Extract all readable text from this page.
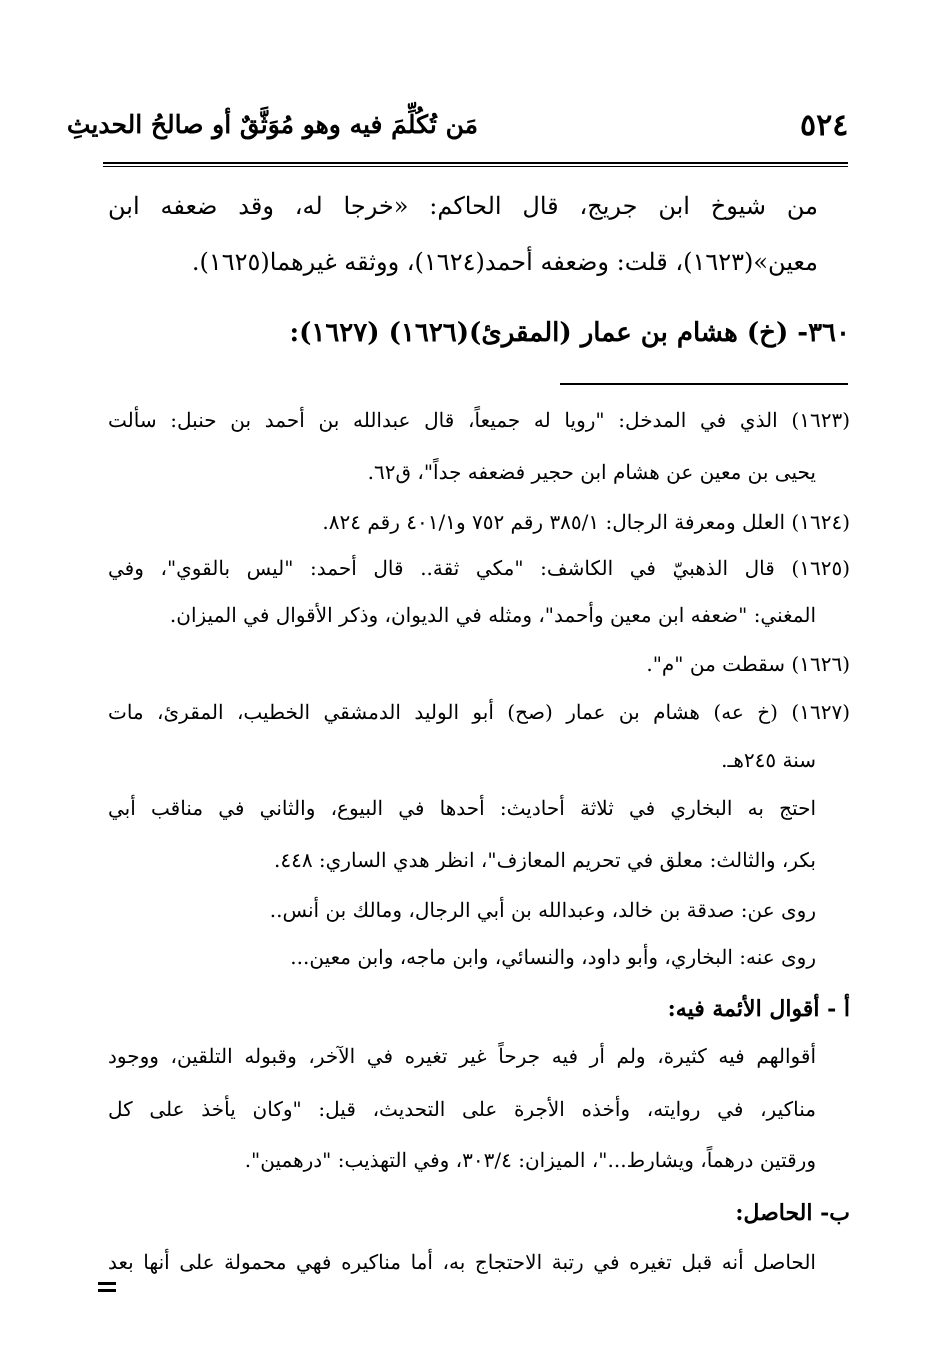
٥٢٤
مَن تُكُلِّمَ فيه وهو مُوَثَّقٌ أو صالحُ الحديثِ
من شيوخ ابن جريج، قال الحاكم: «خرجا له، وقد ضعفه ابن
معين»(١٦٢٣)، قلت: وضعفه أحمد(١٦٢٤)، ووثقه غيرهما(١٦٢٥).
٣٦٠- (خ) هشام بن عمار (المقرئ)(١٦٢٦) (١٦٢٧):
(١٦٢٣) الذي في المدخل: "رويا له جميعاً، قال عبدالله بن أحمد بن حنبل: سألت
يحيى بن معين عن هشام ابن حجير فضعفه جداً"، ق٦٢.
(١٦٢٤) العلل ومعرفة الرجال: ٣٨٥/١ رقم ٧٥٢ و٤٠١/١ رقم ٨٢٤.
(١٦٢٥) قال الذهبيّ في الكاشف: "مكي ثقة.. قال أحمد: "ليس بالقوي"، وفي
المغني: "ضعفه ابن معين وأحمد"، ومثله في الديوان، وذكر الأقوال في الميزان.
(١٦٢٦) سقطت من "م".
(١٦٢٧) (خ عه) هشام بن عمار (صح) أبو الوليد الدمشقي الخطيب، المقرئ، مات
سنة ٢٤٥هـ.
احتج به البخاري في ثلاثة أحاديث: أحدها في البيوع، والثاني في مناقب أبي
بكر، والثالث: معلق في تحريم المعازف"، انظر هدي الساري: ٤٤٨.
روى عن: صدقة بن خالد، وعبدالله بن أبي الرجال، ومالك بن أنس..
روى عنه: البخاري، وأبو داود، والنسائي، وابن ماجه، وابن معين...
أ - أقوال الأئمة فيه:
أقوالهم فيه كثيرة، ولم أر فيه جرحاً غير تغيره في الآخر، وقبوله التلقين، ووجود
مناكير، في روايته، وأخذه الأجرة على التحديث، قيل: "وكان يأخذ على كل
ورقتين درهماً، ويشارط..."، الميزان: ٣٠٣/٤، وفي التهذيب: "درهمين".
ب- الحاصل:
الحاصل أنه قبل تغيره في رتبة الاحتجاج به، أما مناكيره فهي محمولة على أنها بعد
